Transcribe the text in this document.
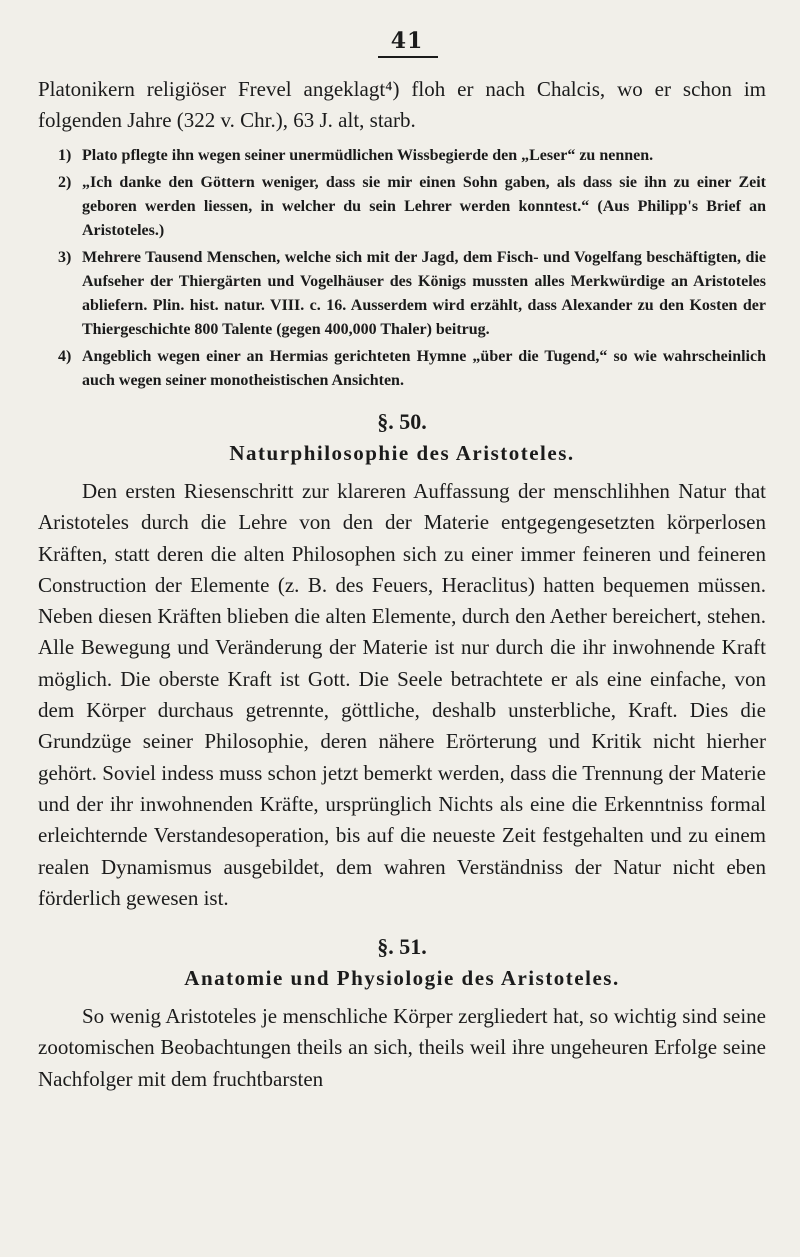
41

Platonikern religiöser Frevel angeklagt⁴) floh er nach Chalcis, wo er schon im folgenden Jahre (322 v. Chr.), 63 J. alt, starb.

1) Plato pflegte ihn wegen seiner unermüdlichen Wissbegierde den „Leser“ zu nennen.
2) „Ich danke den Göttern weniger, dass sie mir einen Sohn gaben, als dass sie ihn zu einer Zeit geboren werden liessen, in welcher du sein Lehrer werden konntest.“ (Aus Philipp's Brief an Aristoteles.)
3) Mehrere Tausend Menschen, welche sich mit der Jagd, dem Fisch- und Vogelfang beschäftigten, die Aufseher der Thiergärten und Vogelhäuser des Königs mussten alles Merkwürdige an Aristoteles abliefern. Plin. hist. natur. VIII. c. 16. Ausserdem wird erzählt, dass Alexander zu den Kosten der Thiergeschichte 800 Talente (gegen 400,000 Thaler) beitrug.
4) Angeblich wegen einer an Hermias gerichteten Hymne „über die Tugend,“ so wie wahrscheinlich auch wegen seiner monotheistischen Ansichten.
§. 50.
Naturphilosophie des Aristoteles.

Den ersten Riesenschritt zur klareren Auffassung der menschlihhen Natur that Aristoteles durch die Lehre von den der Materie entgegengesetzten körperlosen Kräften, statt deren die alten Philosophen sich zu einer immer feineren und feineren Construction der Elemente (z. B. des Feuers, Heraclitus) hatten bequemen müssen. Neben diesen Kräften blieben die alten Elemente, durch den Aether bereichert, stehen. Alle Bewegung und Veränderung der Materie ist nur durch die ihr inwohnende Kraft möglich. Die oberste Kraft ist Gott. Die Seele betrachtete er als eine einfache, von dem Körper durchaus getrennte, göttliche, deshalb unsterbliche, Kraft. Dies die Grundzüge seiner Philosophie, deren nähere Erörterung und Kritik nicht hierher gehört. Soviel indess muss schon jetzt bemerkt werden, dass die Trennung der Materie und der ihr inwohnenden Kräfte, ursprünglich Nichts als eine die Erkenntniss formal erleichternde Verstandesoperation, bis auf die neueste Zeit festgehalten und zu einem realen Dynamismus ausgebildet, dem wahren Verständniss der Natur nicht eben förderlich gewesen ist.

§. 51.
Anatomie und Physiologie des Aristoteles.

So wenig Aristoteles je menschliche Körper zergliedert hat, so wichtig sind seine zootomischen Beobachtungen theils an sich, theils weil ihre ungeheuren Erfolge seine Nachfolger mit dem fruchtbarsten
